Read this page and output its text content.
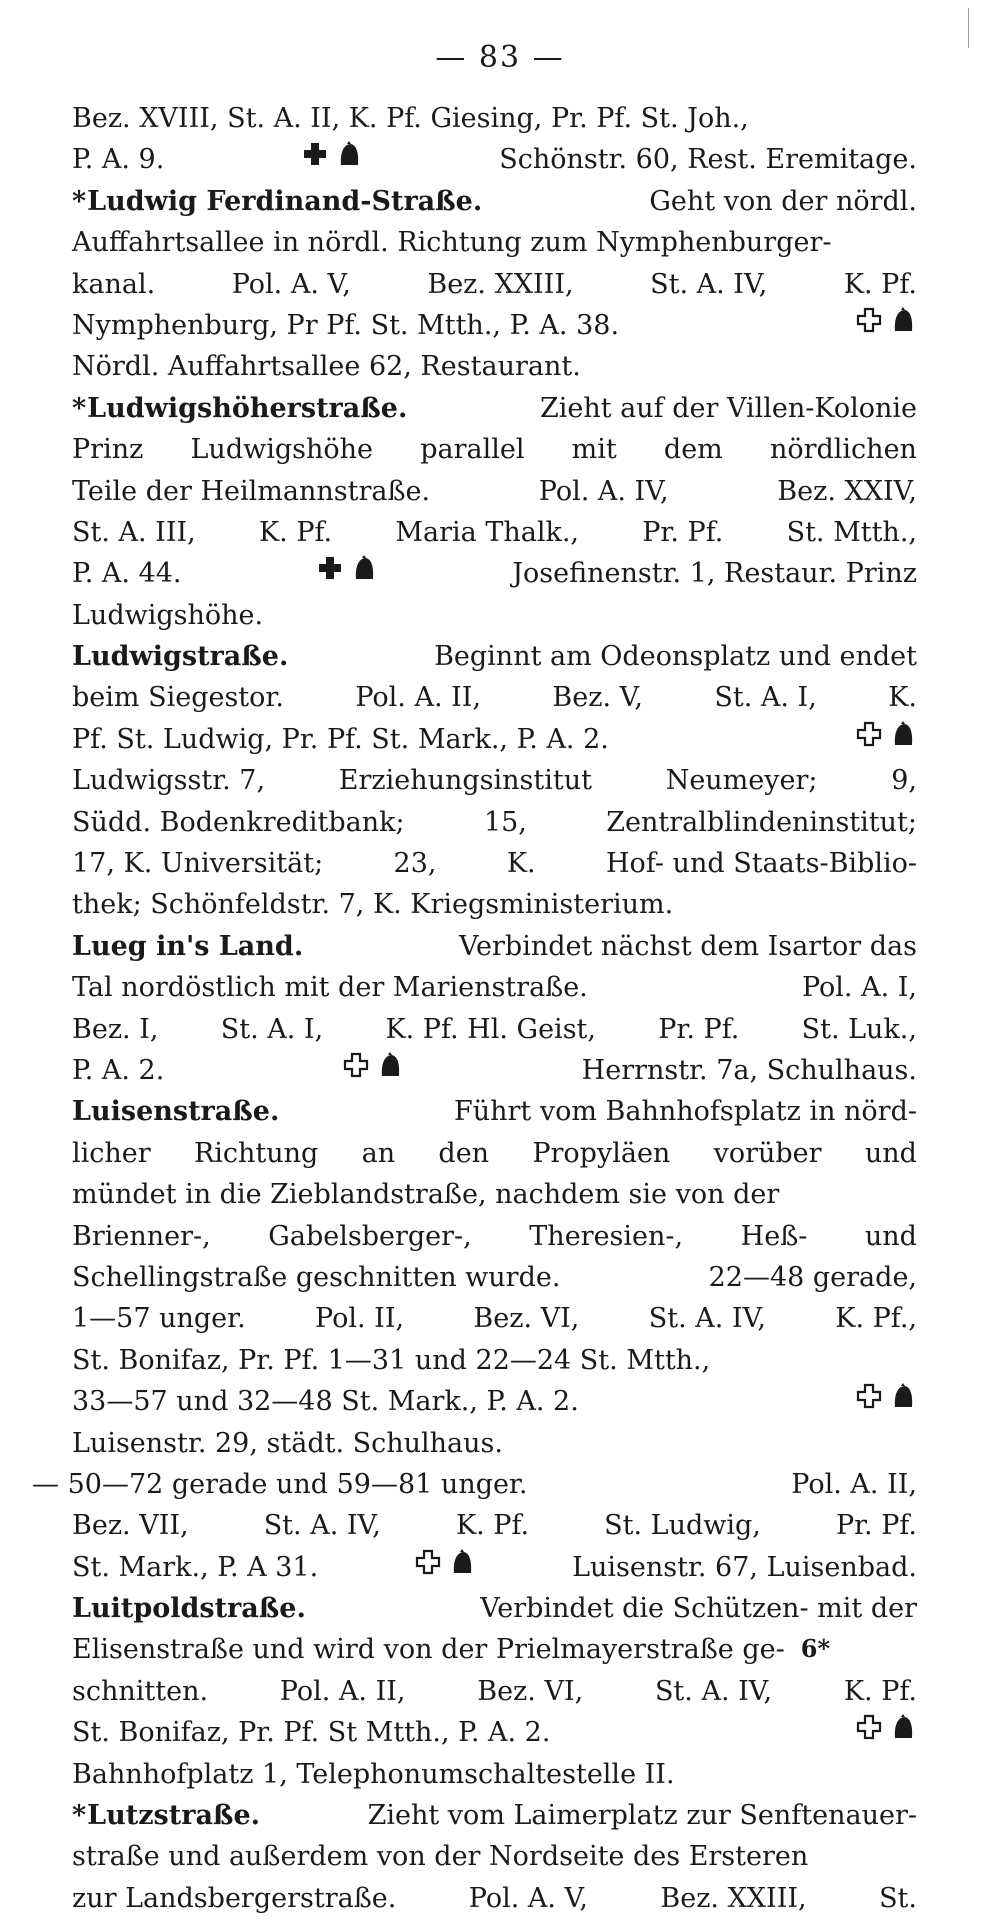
— 83 —
Bez. XVIII, St. A. II, K. Pf. Giesing, Pr. Pf. St. Joh.,
P. A. 9.	Schönstr. 60, Rest. Eremitage.
*Ludwig Ferdinand-Straße.	Geht von der nördl.
Auffahrtsallee in nördl. Richtung zum Nymphenburger-
kanal.	Pol. A. V,	Bez. XXIII,	St. A. IV,	K. Pf.
Nymphenburg, Pr Pf. St. Mtth., P. A. 38.
Nördl. Auffahrtsallee 62, Restaurant.
*Ludwigshöherstraße.	Zieht auf der Villen-Kolonie
Prinz Ludwigshöhe parallel mit dem nördlichen
Teile der Heilmannstraße.	Pol. A. IV,	Bez. XXIV,
St. A. III, K. Pf. Maria Thalk., Pr. Pf. St. Mtth.,
P. A. 44.	Josefinenstr. 1, Restaur. Prinz
Ludwigshöhe.
Ludwigstraße.	Beginnt am Odeonsplatz und endet
beim Siegestor.	Pol. A. II,	Bez. V,	St. A. I,	K.
Pf. St. Ludwig, Pr. Pf. St. Mark., P. A. 2.
Ludwigsstr. 7,	Erziehungsinstitut	Neumeyer;	9,
Südd. Bodenkreditbank;	15,	Zentralblindeninstitut;
17, K. Universität;	23,	K.	Hof- und Staats-Biblio-
thek; Schönfeldstr. 7, K. Kriegsministerium.
Lueg in's Land.	Verbindet nächst dem Isartor das
Tal nordöstlich mit der Marienstraße.	Pol. A. I,
Bez. I, St. A. I, K. Pf. Hl. Geist, Pr. Pf. St. Luk.,
P. A. 2.	Herrnstr. 7a, Schulhaus.
Luisenstraße.	Führt vom Bahnhofsplatz in nörd-
licher Richtung an den Propyläen vorüber und
mündet in die Zieblandstraße, nachdem sie von der
Brienner-, Gabelsberger-, Theresien-, Heß- und
Schellingstraße geschnitten wurde.	22—48 gerade,
1—57 unger.	Pol. II,	Bez. VI,	St. A. IV,	K. Pf.,
St. Bonifaz, Pr. Pf. 1—31 und 22—24 St. Mtth.,
33—57 und 32—48 St. Mark., P. A. 2.
Luisenstr. 29, städt. Schulhaus.
— 50—72 gerade und 59—81 unger.	Pol. A. II,
Bez. VII,	St. A. IV,	K. Pf.	St. Ludwig,	Pr. Pf.
St. Mark., P. A 31.	Luisenstr. 67, Luisenbad.
Luitpoldstraße.	Verbindet die Schützen- mit der
Elisenstraße und wird von der Prielmayerstraße ge-
schnitten.	Pol. A. II,	Bez. VI,	St. A. IV,	K. Pf.
St. Bonifaz, Pr. Pf. St Mtth., P. A. 2.
Bahnhofplatz 1, Telephonumschaltestelle II.
*Lutzstraße.	Zieht vom Laimerplatz zur Senftenauer-
straße und außerdem von der Nordseite des Ersteren
zur Landsbergerstraße.	Pol. A. V,	Bez. XXIII,	St.
6*
